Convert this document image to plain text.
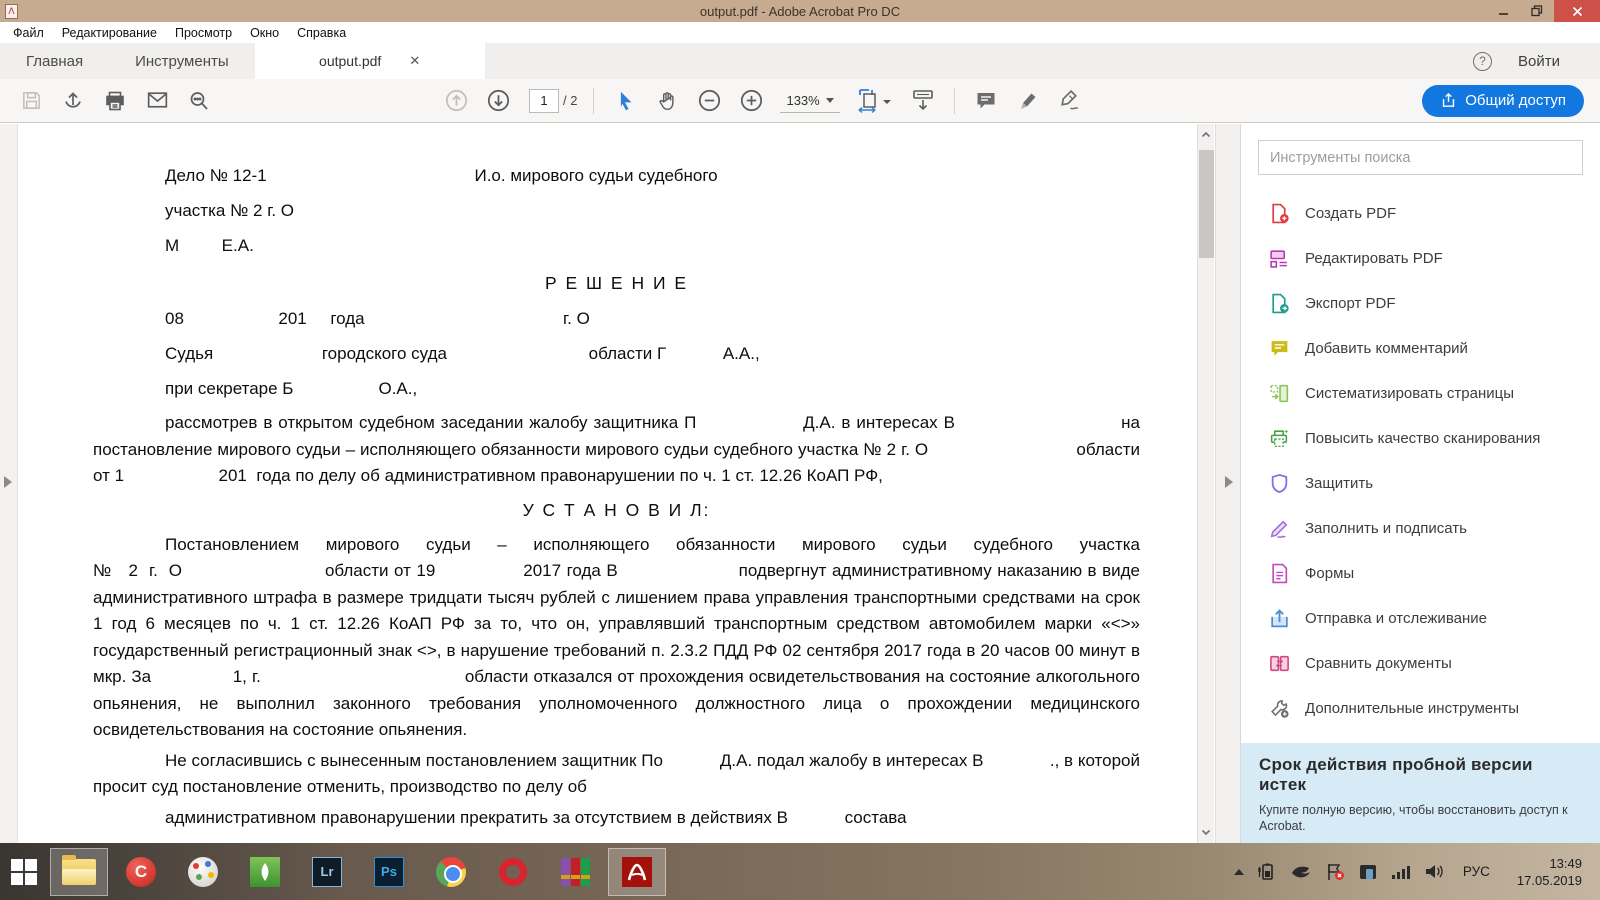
ꓥ	output.pdf - Adobe Acrobat Pro DC
Файл	Редактирование	Просмотр	Окно	Справка
Главная	Инструменты	output.pdf ✕	?	Войти
1
/ 2	133%	Общий доступ
Дело № 12-1                                            И.о. мирового судьи судебного
участка № 2 г. О
М         Е.А.
Р Е Ш Е Н И Е
08                    201     года                                          г. О
Судья                       городского суда                              области Г            А.А.,
при секретаре Б                  О.А.,
рассмотрев в открытом судебном заседании жалобу защитника П                  Д.А. в интересах В                            на постановление мирового судьи – исполняющего обязанности мирового судьи судебного участка № 2 г. О                              области от 1                    201  года по делу об административном правонарушении по ч. 1 ст. 12.26 КоАП РФ,
У С Т А Н О В И Л:
Постановлением мирового судьи – исполняющего обязанности мирового судьи судебного участка №   2  г.  О                          области от 19                2017 года В                      подвергнут административному наказанию в виде административного штрафа в размере тридцати тысяч рублей с лишением права управления транспортными средствами на срок 1 год 6 месяцев по ч. 1 ст. 12.26 КоАП РФ за то, что он, управлявший транспортным средством автомобилем марки «<>» государственный регистрационный знак <>, в нарушение требований п. 2.3.2 ПДД РФ 02 сентября 2017 года в 20 часов 00 минут в мкр. За                1, г.                                        области отказался от прохождения освидетельствования на состояние алкогольного опьянения, не выполнил законного требования уполномоченного должностного лица о прохождении медицинского освидетельствования на состояние опьянения.
Не согласившись с вынесенным постановлением защитник По            Д.А. подал жалобу в интересах В              ., в которой просит суд постановление отменить, производство по делу об
административном правонарушении прекратить за отсутствием в действиях В            состава
Инструменты поиска
Создать PDF
Редактировать PDF
Экспорт PDF
Добавить комментарий
Систематизировать страницы
Повысить качество сканирования
Защитить
Заполнить и подписать
Формы
Отправка и отслеживание
Сравнить документы
Дополнительные инструменты
Срок действия пробной версии истек
Купите полную версию, чтобы восстановить доступ к Acrobat.
C	Lr	Ps	РУС
13:49
17.05.2019
